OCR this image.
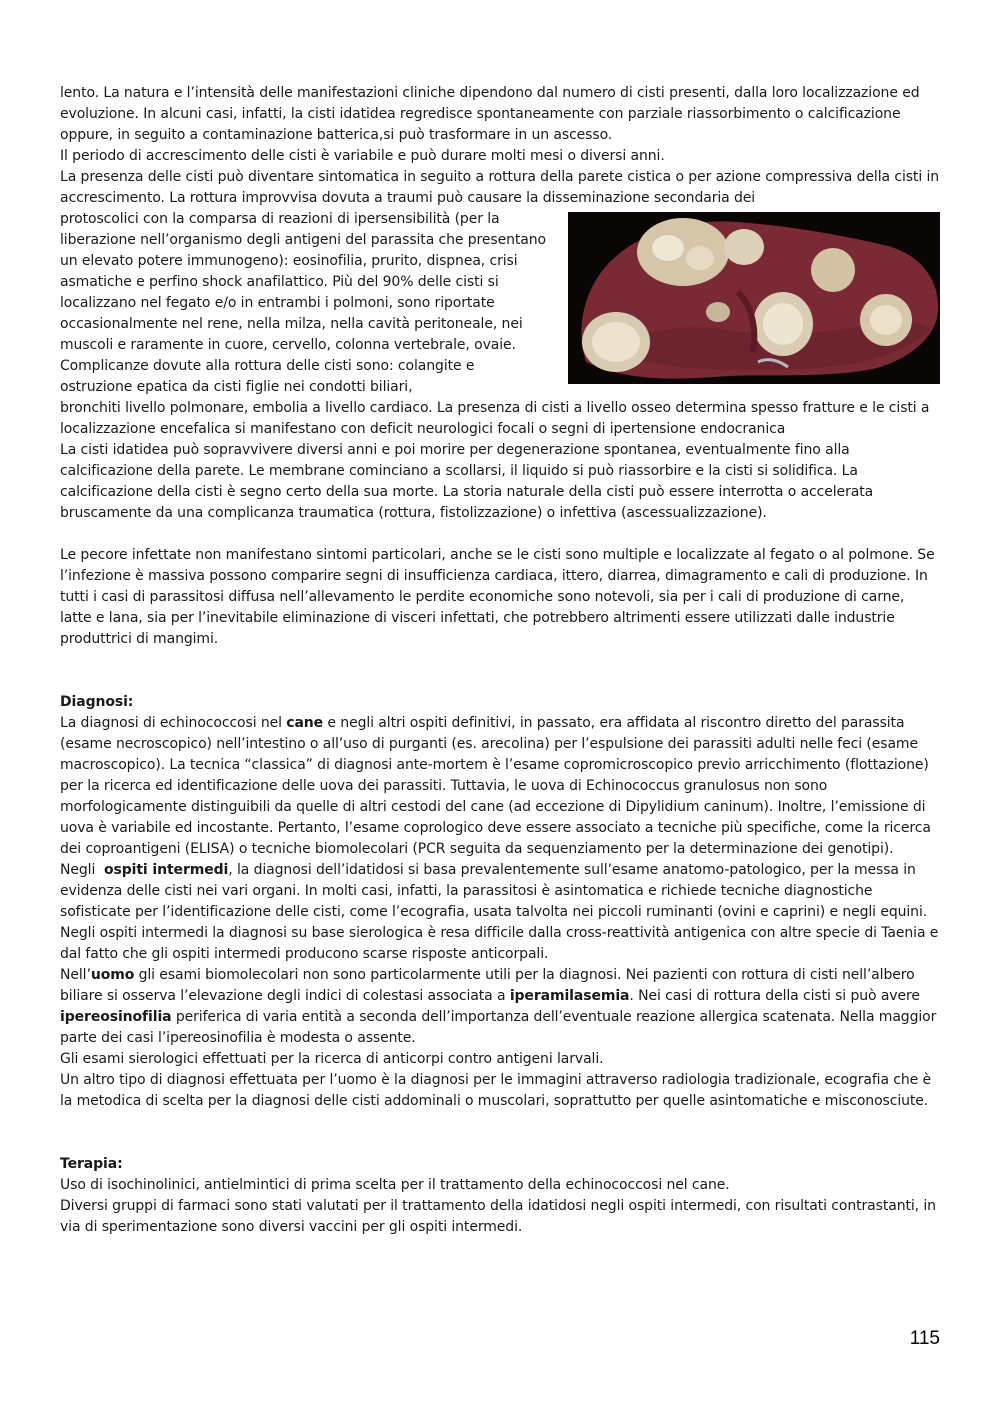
lento. La natura e l’intensità delle manifestazioni cliniche dipendono dal numero di cisti presenti, dalla loro localizzazione ed evoluzione. In alcuni casi, infatti, la cisti idatidea regredisce spontaneamente con parziale riassorbimento o calcificazione oppure, in seguito a contaminazione batterica,si può trasformare in un ascesso.

Il periodo di accrescimento delle cisti è variabile e può durare molti mesi o diversi anni.

La presenza delle cisti può diventare sintomatica in seguito a rottura della parete cistica o per azione compressiva della cisti in accrescimento. La rottura improvvisa dovuta a traumi può causare la disseminazione secondaria dei

protoscolici con la comparsa di reazioni di ipersensibilità (per la liberazione nell’organismo degli antigeni del parassita che presentano un elevato potere immunogeno): eosinofilia, prurito, dispnea, crisi asmatiche e perfino shock anafilattico. Più del 90% delle cisti si localizzano nel fegato e/o in entrambi i polmoni, sono riportate occasionalmente nel rene, nella milza, nella cavità peritoneale, nei muscoli e raramente in cuore, cervello, colonna vertebrale, ovaie. Complicanze dovute alla rottura delle cisti sono: colangite e ostruzione epatica da cisti figlie nei condotti biliari,

bronchiti livello polmonare, embolia a livello cardiaco. La presenza di cisti a livello osseo determina spesso fratture e le cisti a localizzazione encefalica si manifestano con deficit neurologici focali o segni di ipertensione endocranica

La cisti idatidea può sopravvivere diversi anni e poi morire per degenerazione spontanea, eventualmente fino alla calcificazione della parete. Le membrane cominciano a scollarsi, il liquido si può riassorbire e la cisti si solidifica. La calcificazione della cisti è segno certo della sua morte. La storia naturale della cisti può essere interrotta o accelerata bruscamente da una complicanza traumatica (rottura, fistolizzazione) o infettiva (ascessualizzazione).

Le pecore infettate non manifestano sintomi particolari, anche se le cisti sono multiple e localizzate al fegato o al polmone. Se l’infezione è massiva possono comparire segni di insufficienza cardiaca, ittero, diarrea, dimagramento e cali di produzione. In tutti i casi di parassitosi diffusa nell’allevamento le perdite economiche sono notevoli, sia per i cali di produzione di carne, latte e lana, sia per l’inevitabile eliminazione di visceri infettati, che potrebbero altrimenti essere utilizzati dalle industrie produttrici di mangimi.

Diagnosi:

La diagnosi di echinococcosi nel cane e negli altri ospiti definitivi, in passato, era affidata al riscontro diretto del parassita (esame necroscopico) nell’intestino o all’uso di purganti (es. arecolina) per l’espulsione dei parassiti adulti nelle feci (esame macroscopico). La tecnica “classica” di diagnosi ante-mortem è l’esame copromicroscopico previo arricchimento (flottazione) per la ricerca ed identificazione delle uova dei parassiti. Tuttavia, le uova di Echinococcus granulosus non sono morfologicamente distinguibili da quelle di altri cestodi del cane (ad eccezione di Dipylidium caninum). Inoltre, l’emissione di uova è variabile ed incostante. Pertanto, l’esame coprologico deve essere associato a tecniche più specifiche, come la ricerca dei coproantigeni (ELISA) o tecniche biomolecolari (PCR seguita da sequenziamento per la determinazione dei genotipi).

Negli  ospiti intermedi, la diagnosi dell’idatidosi si basa prevalentemente sull’esame anatomo-patologico, per la messa in evidenza delle cisti nei vari organi. In molti casi, infatti, la parassitosi è asintomatica e richiede tecniche diagnostiche sofisticate per l’identificazione delle cisti, come l’ecografia, usata talvolta nei piccoli ruminanti (ovini e caprini) e negli equini. Negli ospiti intermedi la diagnosi su base sierologica è resa difficile dalla cross-reattività antigenica con altre specie di Taenia e dal fatto che gli ospiti intermedi producono scarse risposte anticorpali.

Nell’uomo gli esami biomolecolari non sono particolarmente utili per la diagnosi. Nei pazienti con rottura di cisti nell’albero biliare si osserva l’elevazione degli indici di colestasi associata a iperamilasemia. Nei casi di rottura della cisti si può avere ipereosinofilia periferica di varia entità a seconda dell’importanza dell’eventuale reazione allergica scatenata. Nella maggior parte dei casi l’ipereosinofilia è modesta o assente.

Gli esami sierologici effettuati per la ricerca di anticorpi contro antigeni larvali.

Un altro tipo di diagnosi effettuata per l’uomo è la diagnosi per le immagini attraverso radiologia tradizionale, ecografia che è la metodica di scelta per la diagnosi delle cisti addominali o muscolari, soprattutto per quelle asintomatiche e misconosciute.

Terapia:

Uso di isochinolinici, antielmintici di prima scelta per il trattamento della echinococcosi nel cane.

Diversi gruppi di farmaci sono stati valutati per il trattamento della idatidosi negli ospiti intermedi, con risultati contrastanti, in via di sperimentazione sono diversi vaccini per gli ospiti intermedi.

115
